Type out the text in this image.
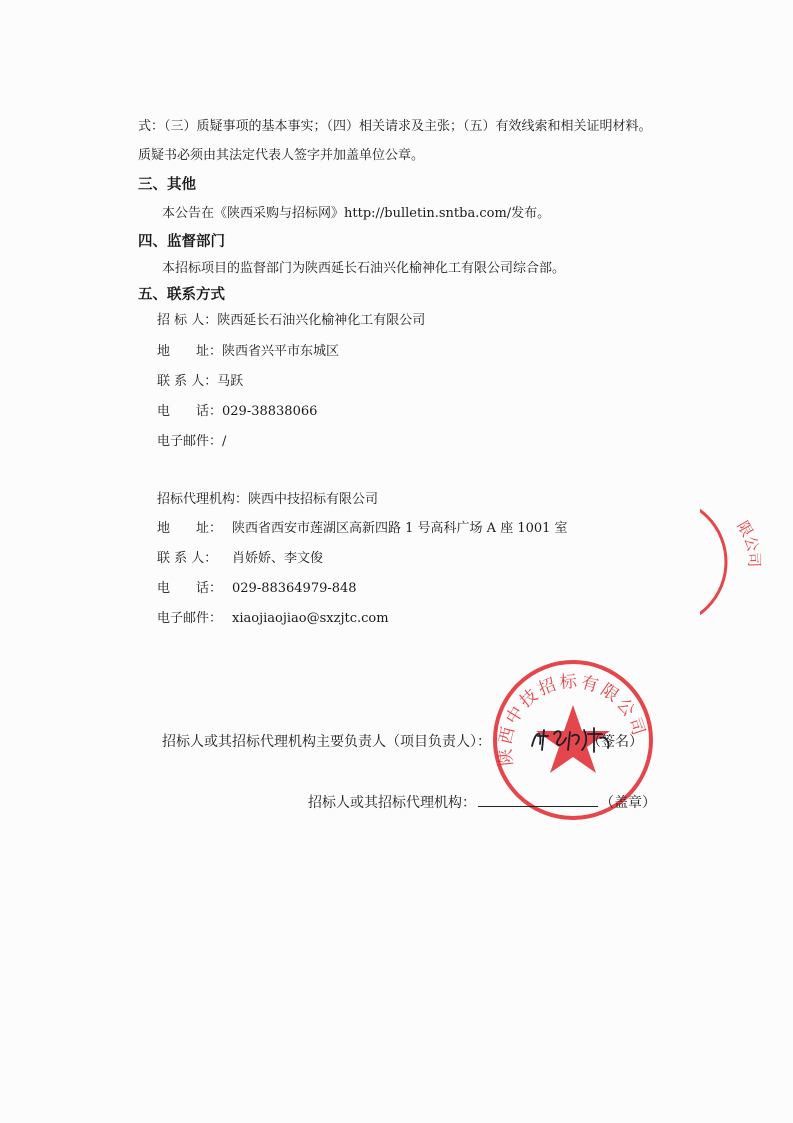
式：（三）质疑事项的基本事实；（四）相关请求及主张；（五）有效线索和相关证明材料。
质疑书必须由其法定代表人签字并加盖单位公章。
三、其他
本公告在《陕西采购与招标网》http://bulletin.sntba.com/发布。
四、监督部门
本招标项目的监督部门为陕西延长石油兴化榆神化工有限公司综合部。
五、联系方式
招 标 人：陕西延长石油兴化榆神化工有限公司
地　　址：陕西省兴平市东城区
联 系 人：马跃
电　　话：029-38838066
电子邮件：/
招标代理机构：陕西中技招标有限公司
地　　址： 陕西省西安市莲湖区高新四路 1 号高科广场 A 座 1001 室
联 系 人： 肖娇娇、李文俊
电　　话： 029-88364979-848
电子邮件： xiaojiaojiao@sxzjtc.com
限公司
陕西中技招标有限公司
招标人或其招标代理机构主要负责人（项目负责人）：	（签名）
招标人或其招标代理机构：	（盖章）
